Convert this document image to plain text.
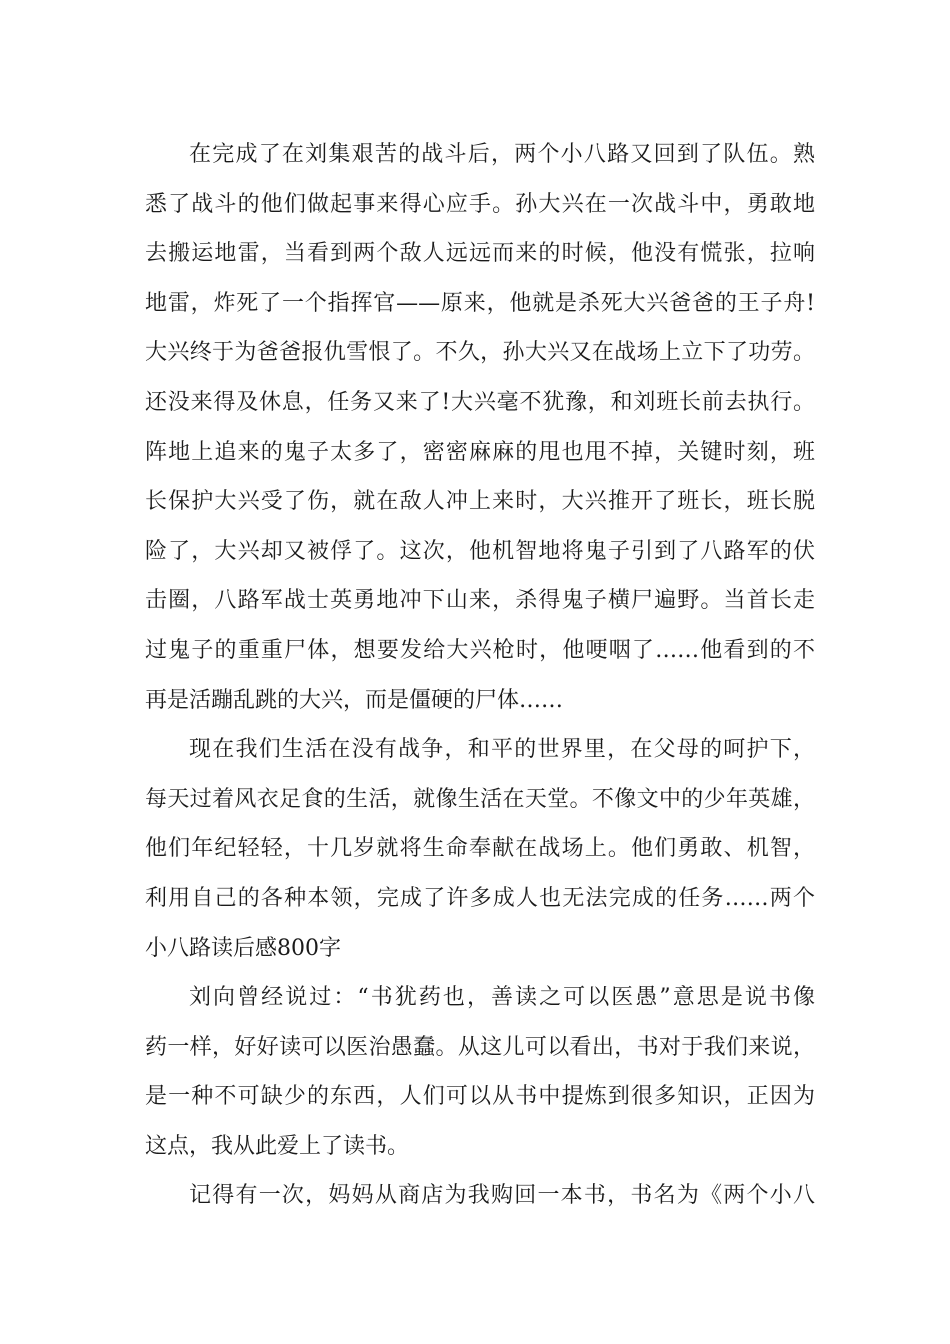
在完成了在刘集艰苦的战斗后，两个小八路又回到了队伍。熟
悉了战斗的他们做起事来得心应手。孙大兴在一次战斗中，勇敢地
去搬运地雷，当看到两个敌人远远而来的时候，他没有慌张，拉响
地雷，炸死了一个指挥官——原来，他就是杀死大兴爸爸的王子舟!
大兴终于为爸爸报仇雪恨了。不久，孙大兴又在战场上立下了功劳。
还没来得及休息，任务又来了!大兴毫不犹豫，和刘班长前去执行。
阵地上追来的鬼子太多了，密密麻麻的甩也甩不掉，关键时刻，班
长保护大兴受了伤，就在敌人冲上来时，大兴推开了班长，班长脱
险了，大兴却又被俘了。这次，他机智地将鬼子引到了八路军的伏
击圈，八路军战士英勇地冲下山来，杀得鬼子横尸遍野。当首长走
过鬼子的重重尸体，想要发给大兴枪时，他哽咽了……他看到的不
再是活蹦乱跳的大兴，而是僵硬的尸体……
现在我们生活在没有战争，和平的世界里，在父母的呵护下，
每天过着风衣足食的生活，就像生活在天堂。不像文中的少年英雄，
他们年纪轻轻，十几岁就将生命奉献在战场上。他们勇敢、机智，
利用自己的各种本领，完成了许多成人也无法完成的任务……两个
小八路读后感800字
刘向曾经说过：“书犹药也，善读之可以医愚”意思是说书像
药一样，好好读可以医治愚蠢。从这儿可以看出，书对于我们来说，
是一种不可缺少的东西，人们可以从书中提炼到很多知识，正因为
这点，我从此爱上了读书。
记得有一次，妈妈从商店为我购回一本书，书名为《两个小八
